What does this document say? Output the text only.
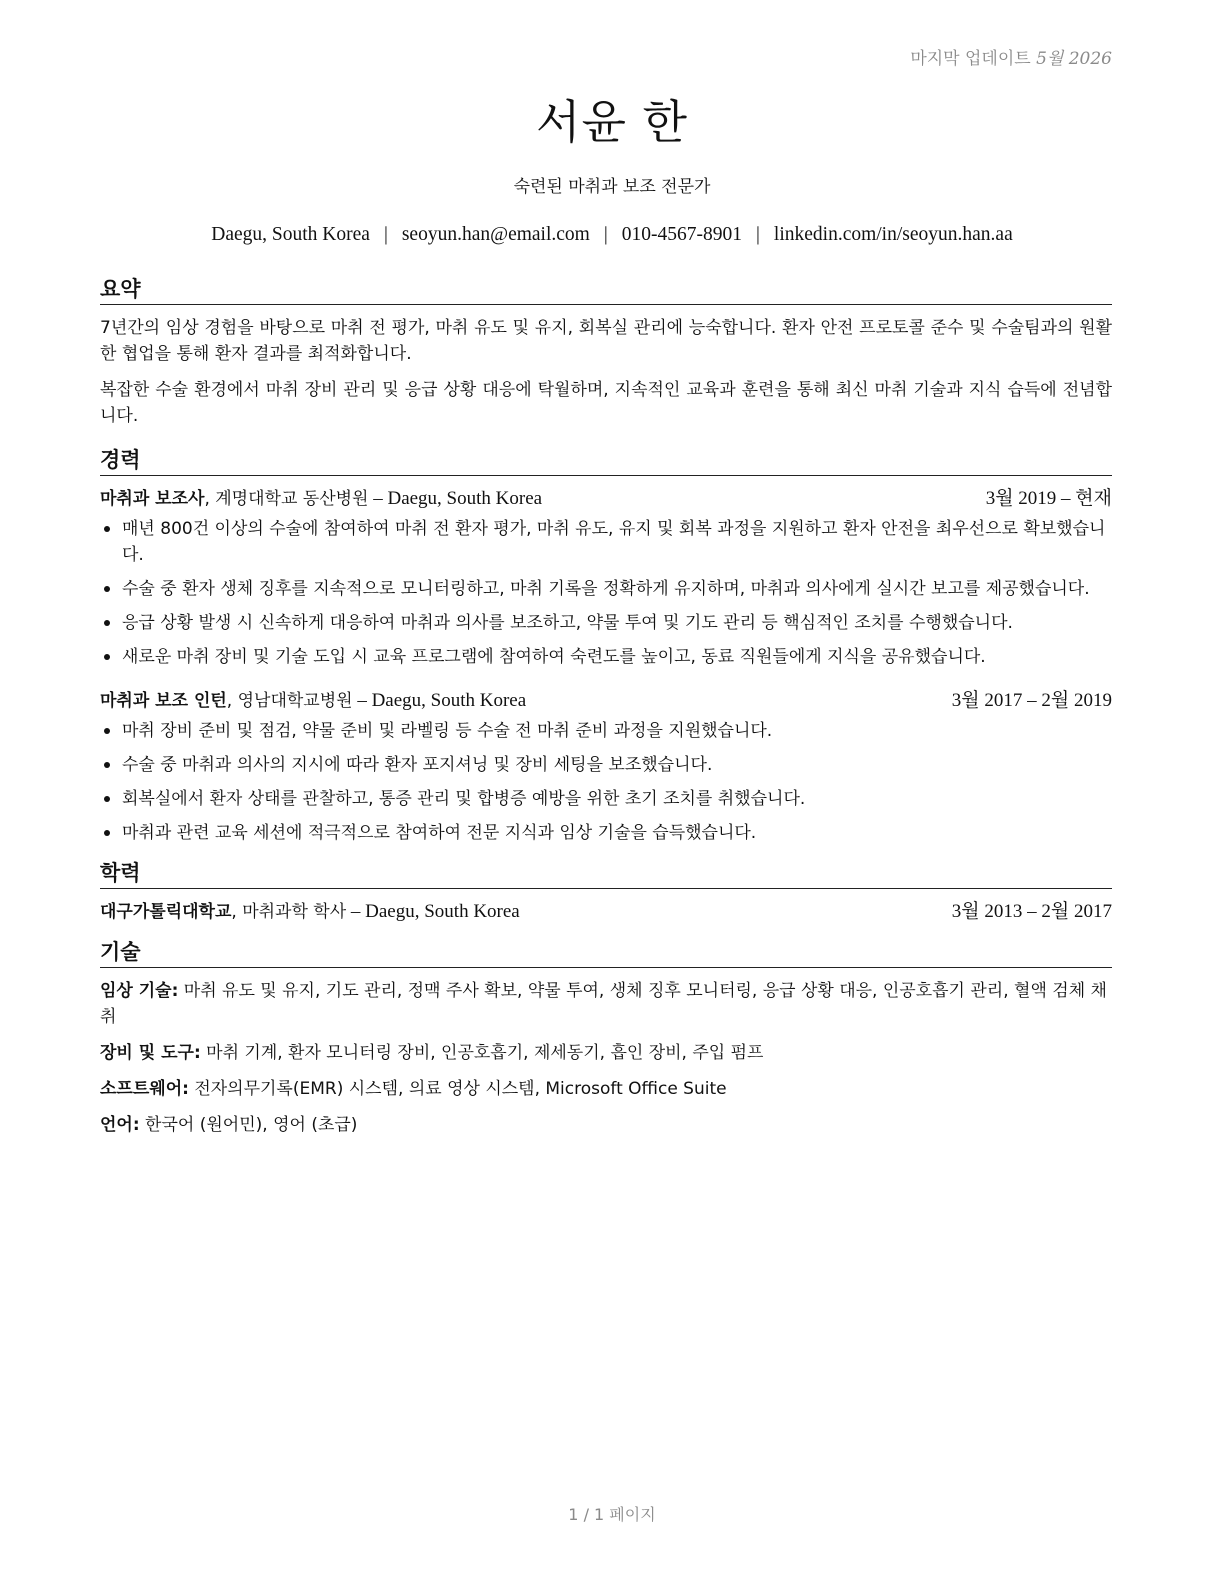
마지막 업데이트 5월 2026
서윤 한
숙련된 마취과 보조 전문가
Daegu, South Korea | seoyun.han@email.com | 010-4567-8901 | linkedin.com/in/seoyun.han.aa
요약
7년간의 임상 경험을 바탕으로 마취 전 평가, 마취 유도 및 유지, 회복실 관리에 능숙합니다. 환자 안전 프로토콜 준수 및 수술팀과의 원활한 협업을 통해 환자 결과를 최적화합니다.
복잡한 수술 환경에서 마취 장비 관리 및 응급 상황 대응에 탁월하며, 지속적인 교육과 훈련을 통해 최신 마취 기술과 지식 습득에 전념합니다.
경력
마취과 보조사, 계명대학교 동산병원 – Daegu, South Korea	3월 2019 – 현재
매년 800건 이상의 수술에 참여하여 마취 전 환자 평가, 마취 유도, 유지 및 회복 과정을 지원하고 환자 안전을 최우선으로 확보했습니다.
수술 중 환자 생체 징후를 지속적으로 모니터링하고, 마취 기록을 정확하게 유지하며, 마취과 의사에게 실시간 보고를 제공했습니다.
응급 상황 발생 시 신속하게 대응하여 마취과 의사를 보조하고, 약물 투여 및 기도 관리 등 핵심적인 조치를 수행했습니다.
새로운 마취 장비 및 기술 도입 시 교육 프로그램에 참여하여 숙련도를 높이고, 동료 직원들에게 지식을 공유했습니다.
마취과 보조 인턴, 영남대학교병원 – Daegu, South Korea	3월 2017 – 2월 2019
마취 장비 준비 및 점검, 약물 준비 및 라벨링 등 수술 전 마취 준비 과정을 지원했습니다.
수술 중 마취과 의사의 지시에 따라 환자 포지셔닝 및 장비 세팅을 보조했습니다.
회복실에서 환자 상태를 관찰하고, 통증 관리 및 합병증 예방을 위한 초기 조치를 취했습니다.
마취과 관련 교육 세션에 적극적으로 참여하여 전문 지식과 임상 기술을 습득했습니다.
학력
대구가톨릭대학교, 마취과학 학사 – Daegu, South Korea	3월 2013 – 2월 2017
기술
임상 기술: 마취 유도 및 유지, 기도 관리, 정맥 주사 확보, 약물 투여, 생체 징후 모니터링, 응급 상황 대응, 인공호흡기 관리, 혈액 검체 채취
장비 및 도구: 마취 기계, 환자 모니터링 장비, 인공호흡기, 제세동기, 흡인 장비, 주입 펌프
소프트웨어: 전자의무기록(EMR) 시스템, 의료 영상 시스템, Microsoft Office Suite
언어: 한국어 (원어민), 영어 (초급)
1 / 1 페이지
